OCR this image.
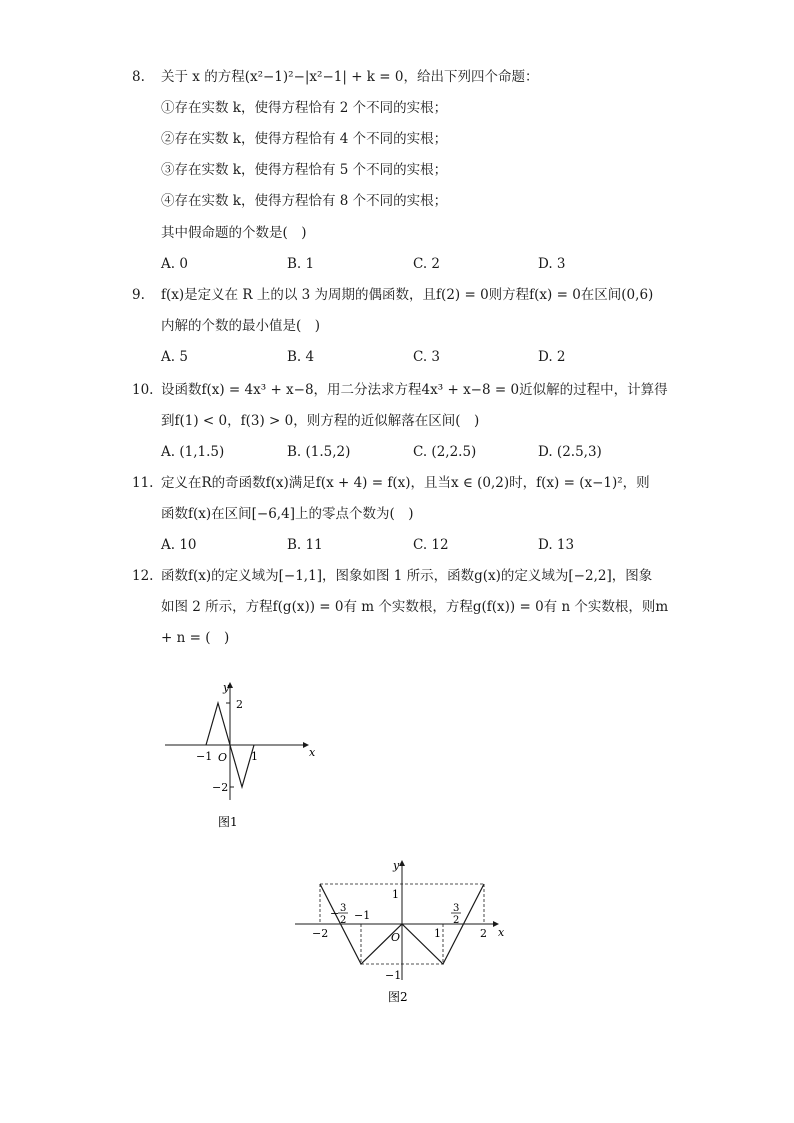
8. 关于 x 的方程(x²−1)²−|x²−1| + k = 0，给出下列四个命题：
①存在实数 k，使得方程恰有 2 个不同的实根；
②存在实数 k，使得方程恰有 4 个不同的实根；
③存在实数 k，使得方程恰有 5 个不同的实根；
④存在实数 k，使得方程恰有 8 个不同的实根；
其中假命题的个数是(　)
A. 0	B. 1	C. 2	D. 3
9. f(x)是定义在 R 上的以 3 为周期的偶函数，且f(2) = 0则方程f(x) = 0在区间(0,6)
内解的个数的最小值是(　)
A. 5	B. 4	C. 3	D. 2
10. 设函数f(x) = 4x³ + x−8，用二分法求方程4x³ + x−8 = 0近似解的过程中，计算得
到f(1) < 0，f(3) > 0，则方程的近似解落在区间(　)
A. (1,1.5)	B. (1.5,2)	C. (2,2.5)	D. (2.5,3)
11. 定义在R的奇函数f(x)满足f(x + 4) = f(x)，且当x ∈ (0,2)时，f(x) = (x−1)²，则
函数f(x)在区间[−6,4]上的零点个数为(　)
A. 10	B. 11	C. 12	D. 13
12. 函数f(x)的定义域为[−1,1]，图象如图 1 所示，函数g(x)的定义域为[−2,2]，图象
如图 2 所示，方程f(g(x)) = 0有 m 个实数根，方程g(f(x)) = 0有 n 个实数根，则m
+ n = (　)
y
x
O
2
−2
−1	1
图1
y
x
O
1
−1
−2
−1
1	2
− 3
2
3
2
图2
